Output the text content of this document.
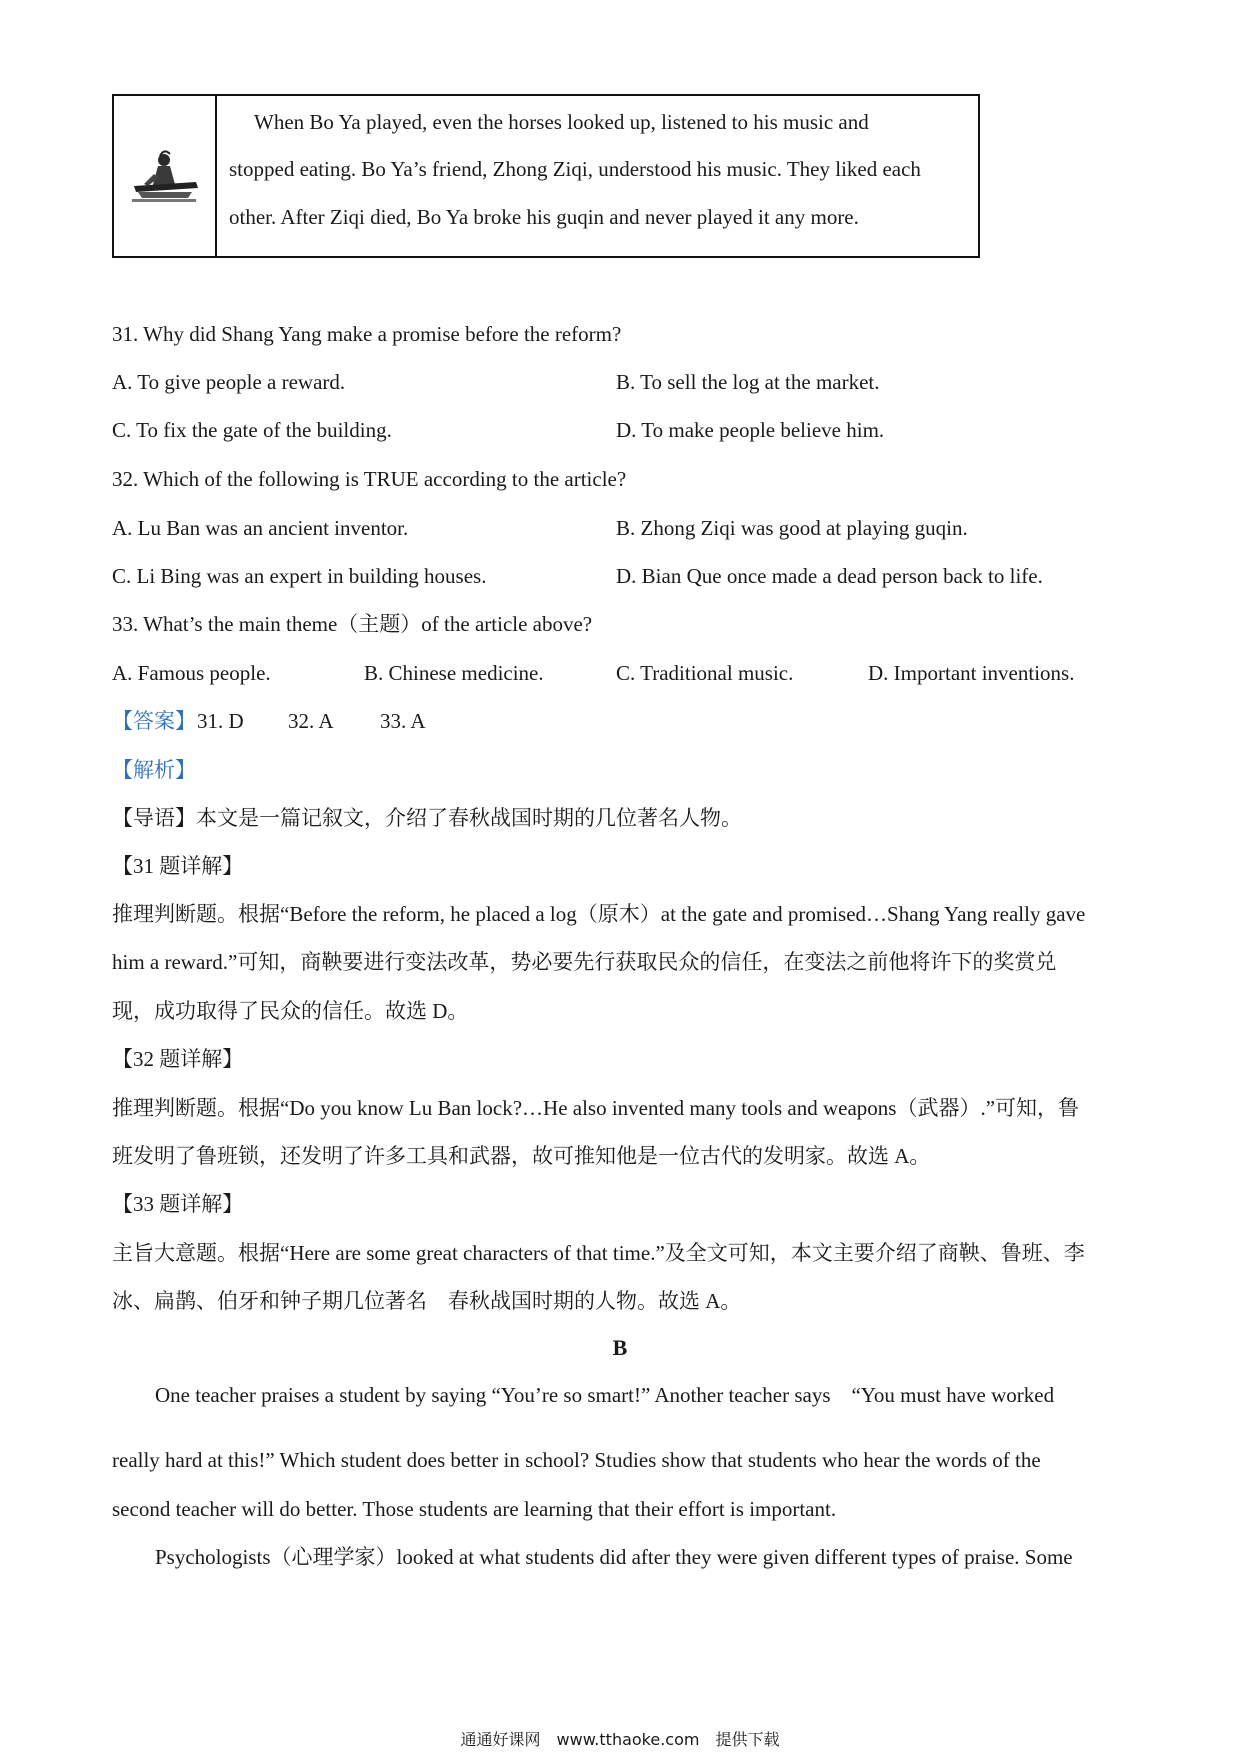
When Bo Ya played, even the horses looked up, listened to his music and
stopped eating. Bo Ya’s friend, Zhong Ziqi, understood his music. They liked each
other. After Ziqi died, Bo Ya broke his guqin and never played it any more.
31. Why did Shang Yang make a promise before the reform?
A. To give people a reward.	B. To sell the log at the market.
C. To fix the gate of the building.	D. To make people believe him.
32. Which of the following is TRUE according to the article?
A. Lu Ban was an ancient inventor.	B. Zhong Ziqi was good at playing guqin.
C. Li Bing was an expert in building houses.	D. Bian Que once made a dead person back to life.
33. What’s the main theme（主题）of the article above?
A. Famous people.	B. Chinese medicine.	C. Traditional music.	D. Important inventions.
【答案】 31. D 32. A 33. A
【解析】
【导语】本文是一篇记叙文，介绍了春秋战国时期的几位著名人物。
【31 题详解】
推理判断题。根据“Before the reform, he placed a log（原木）at the gate and promised…Shang Yang really gave
him a reward.”可知，商鞅要进行变法改革，势必要先行获取民众的信任，在变法之前他将许下的奖赏兑
现，成功取得了民众的信任。故选 D。
【32 题详解】
推理判断题。根据“Do you know Lu Ban lock?…He also invented many tools and weapons（武器）.”可知，鲁
班发明了鲁班锁，还发明了许多工具和武器，故可推知他是一位古代的发明家。故选 A。
【33 题详解】
主旨大意题。根据“Here are some great characters of that time.”及全文可知，本文主要介绍了商鞅、鲁班、李
冰、扁鹊、伯牙和钟子期几位著名　春秋战国时期的人物。故选 A。
B
One teacher praises a student by saying “You’re so smart!” Another teacher says　“You must have worked
really hard at this!” Which student does better in school? Studies show that students who hear the words of the
second teacher will do better. Those students are learning that their effort is important.
Psychologists（心理学家）looked at what students did after they were given different types of praise. Some
通通好课网　www.tthaoke.com　提供下载
